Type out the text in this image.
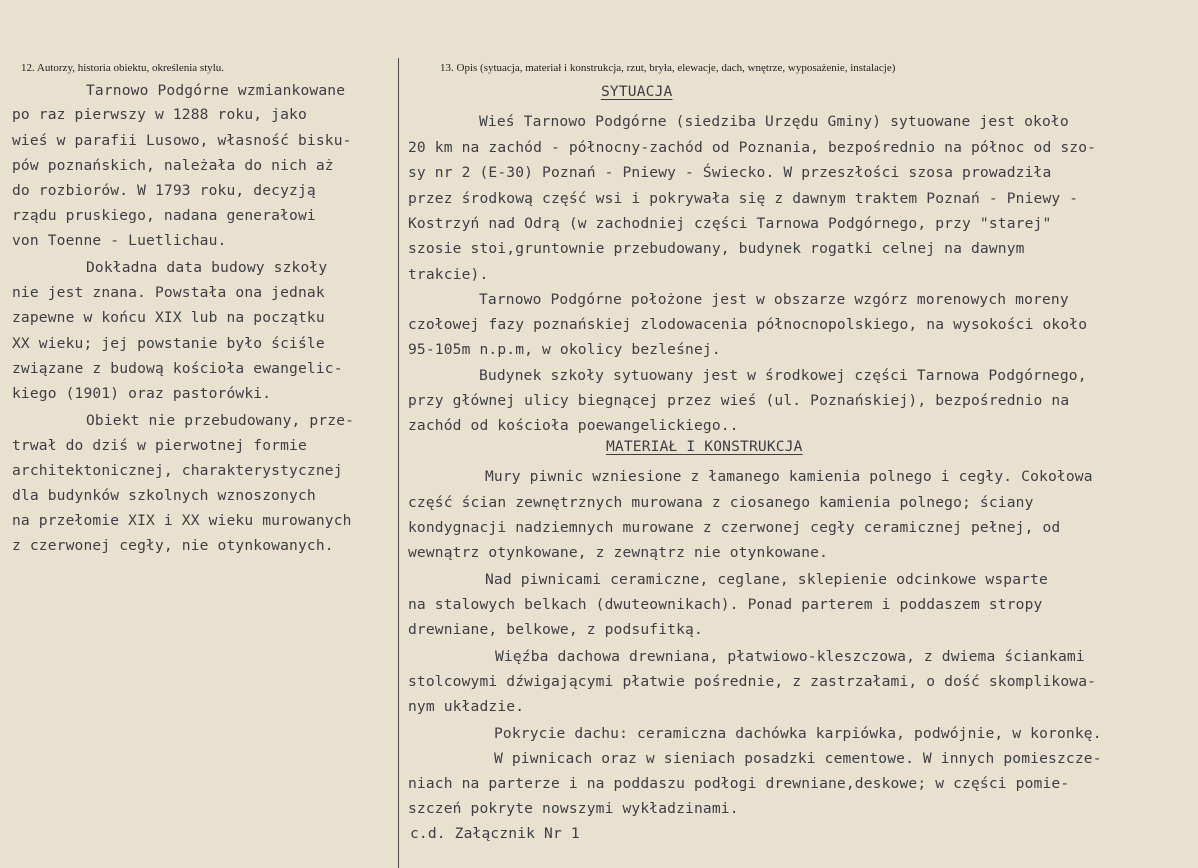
12. Autorzy, historia obiektu, określenia stylu.	13. Opis (sytuacja, materiał i konstrukcja, rzut, bryła, elewacje, dach, wnętrze, wyposażenie, instalacje)
Tarnowo Podgórne wzmiankowane
po raz pierwszy w 1288 roku, jako
wieś w parafii Lusowo, własność bisku-
pów poznańskich, należała do nich aż
do rozbiorów. W 1793 roku, decyzją
rządu pruskiego, nadana generałowi
von Toenne - Luetlichau.
Dokładna data budowy szkoły
nie jest znana. Powstała ona jednak
zapewne w końcu XIX lub na początku
XX wieku; jej powstanie było ściśle
związane z budową kościoła ewangelic-
kiego (1901) oraz pastorówki.
Obiekt nie przebudowany, prze-
trwał do dziś w pierwotnej formie
architektonicznej, charakterystycznej
dla budynków szkolnych wznoszonych
na przełomie XIX i XX wieku murowanych
z czerwonej cegły, nie otynkowanych.
SYTUACJA
Wieś Tarnowo Podgórne (siedziba Urzędu Gminy) sytuowane jest około
20 km na zachód - północny-zachód od Poznania, bezpośrednio na północ od szo-
sy nr 2 (E-30) Poznań - Pniewy - Świecko. W przeszłości szosa prowadziła
przez środkową część wsi i pokrywała się z dawnym traktem Poznań - Pniewy -
Kostrzyń nad Odrą (w zachodniej części Tarnowa Podgórnego, przy "starej"
szosie stoi,gruntownie przebudowany, budynek rogatki celnej na dawnym
trakcie).
Tarnowo Podgórne położone jest w obszarze wzgórz morenowych moreny
czołowej fazy poznańskiej zlodowacenia północnopolskiego, na wysokości około
95-105m n.p.m, w okolicy bezleśnej.
Budynek szkoły sytuowany jest w środkowej części Tarnowa Podgórnego,
przy głównej ulicy biegnącej przez wieś (ul. Poznańskiej), bezpośrednio na
zachód od kościoła poewangelickiego..
MATERIAŁ I KONSTRUKCJA
Mury piwnic wzniesione z łamanego kamienia polnego i cegły. Cokołowa
część ścian zewnętrznych murowana z ciosanego kamienia polnego; ściany
kondygnacji nadziemnych murowane z czerwonej cegły ceramicznej pełnej, od
wewnątrz otynkowane, z zewnątrz nie otynkowane.
Nad piwnicami ceramiczne, ceglane, sklepienie odcinkowe wsparte
na stalowych belkach (dwuteownikach). Ponad parterem i poddaszem stropy
drewniane, belkowe, z podsufitką.
Więźba dachowa drewniana, płatwiowo-kleszczowa, z dwiema ściankami
stolcowymi dźwigającymi płatwie pośrednie, z zastrzałami, o dość skomplikowa-
nym układzie.
Pokrycie dachu: ceramiczna dachówka karpiówka, podwójnie, w koronkę.
W piwnicach oraz w sieniach posadzki cementowe. W innych pomieszcze-
niach na parterze i na poddaszu podłogi drewniane,deskowe; w części pomie-
szczeń pokryte nowszymi wykładzinami.
c.d. Załącznik Nr 1
